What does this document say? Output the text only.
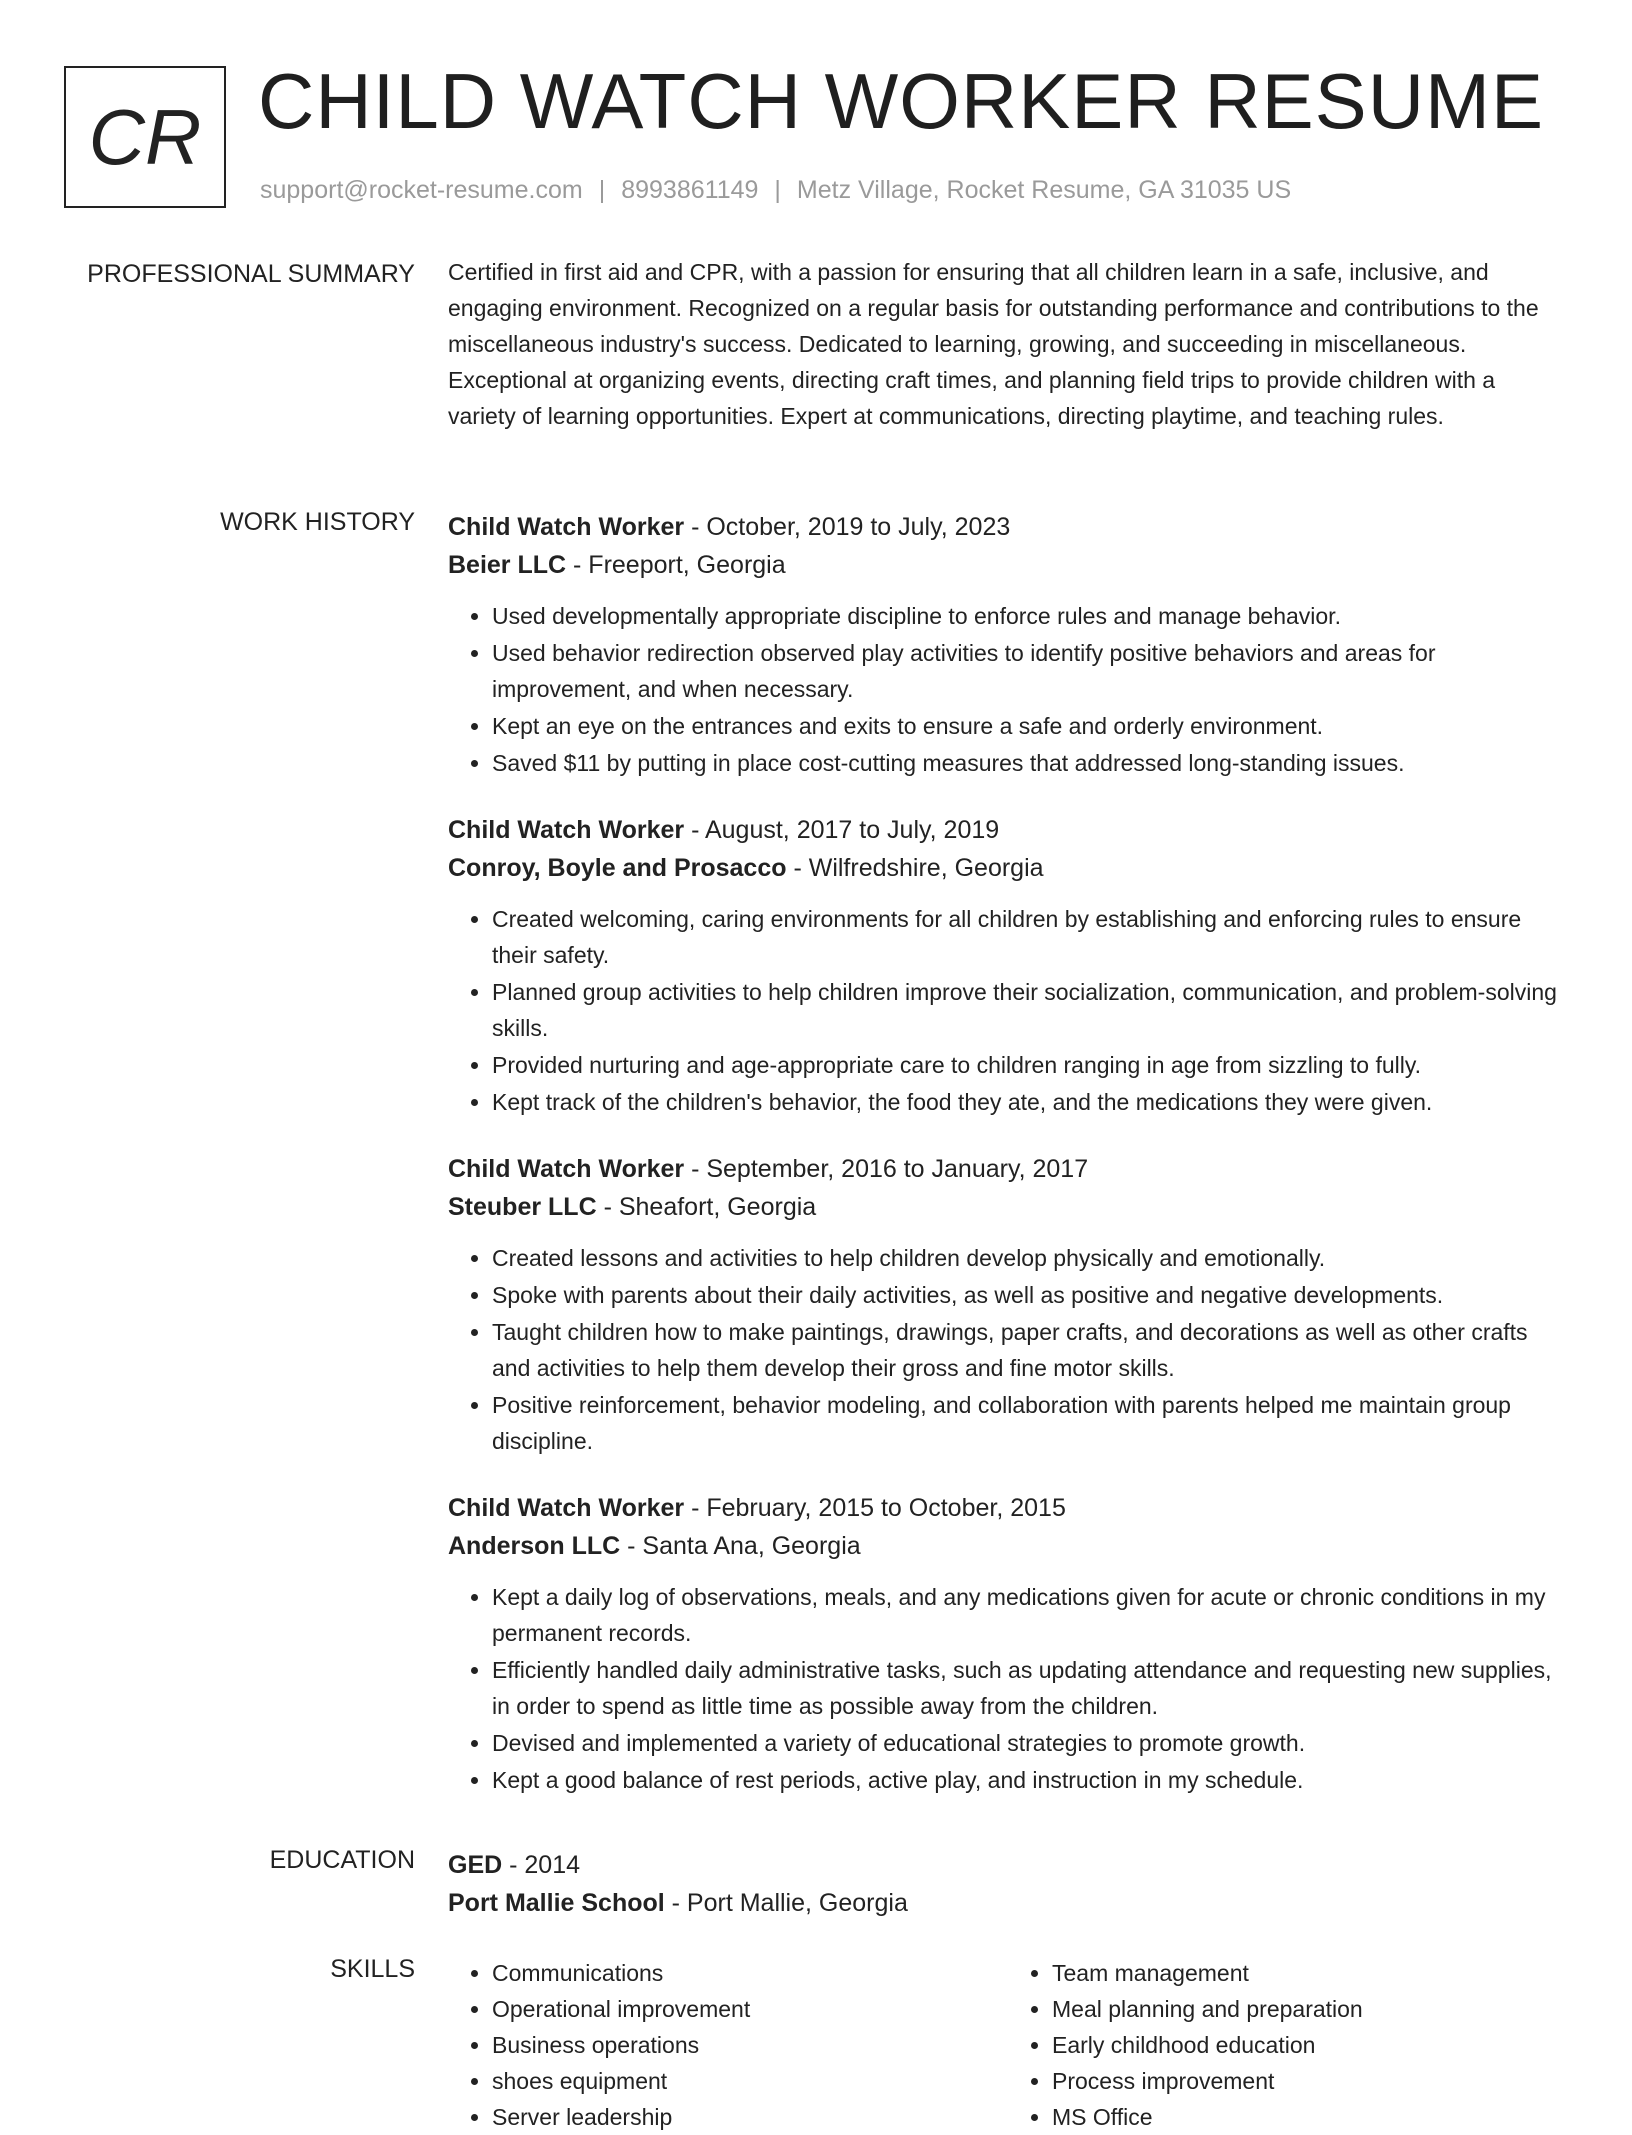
CR CHILD WATCH WORKER RESUME
support@rocket-resume.com | 8993861149 | Metz Village, Rocket Resume, GA 31035 US
PROFESSIONAL SUMMARY Certified in first aid and CPR, with a passion for ensuring that all children learn in a safe, inclusive, and engaging environment. Recognized on a regular basis for outstanding performance and contributions to the miscellaneous industry's success. Dedicated to learning, growing, and succeeding in miscellaneous. Exceptional at organizing events, directing craft times, and planning field trips to provide children with a variety of learning opportunities. Expert at communications, directing playtime, and teaching rules.

WORK HISTORY Child Watch Worker - October, 2019 to July, 2023
Beier LLC - Freeport, Georgia
• Used developmentally appropriate discipline to enforce rules and manage behavior.
• Used behavior redirection observed play activities to identify positive behaviors and areas for improvement, and when necessary.
• Kept an eye on the entrances and exits to ensure a safe and orderly environment.
• Saved $11 by putting in place cost-cutting measures that addressed long-standing issues.
Child Watch Worker - August, 2017 to July, 2019
Conroy, Boyle and Prosacco - Wilfredshire, Georgia
• Created welcoming, caring environments for all children by establishing and enforcing rules to ensure their safety.
• Planned group activities to help children improve their socialization, communication, and problem-solving skills.
• Provided nurturing and age-appropriate care to children ranging in age from sizzling to fully.
• Kept track of the children's behavior, the food they ate, and the medications they were given.
Child Watch Worker - September, 2016 to January, 2017
Steuber LLC - Sheafort, Georgia
• Created lessons and activities to help children develop physically and emotionally.
• Spoke with parents about their daily activities, as well as positive and negative developments.
• Taught children how to make paintings, drawings, paper crafts, and decorations as well as other crafts and activities to help them develop their gross and fine motor skills.
• Positive reinforcement, behavior modeling, and collaboration with parents helped me maintain group discipline.
Child Watch Worker - February, 2015 to October, 2015
Anderson LLC - Santa Ana, Georgia
• Kept a daily log of observations, meals, and any medications given for acute or chronic conditions in my permanent records.
• Efficiently handled daily administrative tasks, such as updating attendance and requesting new supplies, in order to spend as little time as possible away from the children.
• Devised and implemented a variety of educational strategies to promote growth.
• Kept a good balance of rest periods, active play, and instruction in my schedule.
EDUCATION GED - 2014
Port Mallie School - Port Mallie, Georgia
SKILLS
•	Communications
• Operational improvement
• Business operations
• shoes equipment
• Server leadership
• Team management
• Meal planning and preparation
• Early childhood education
• Process improvement
• MS Office
